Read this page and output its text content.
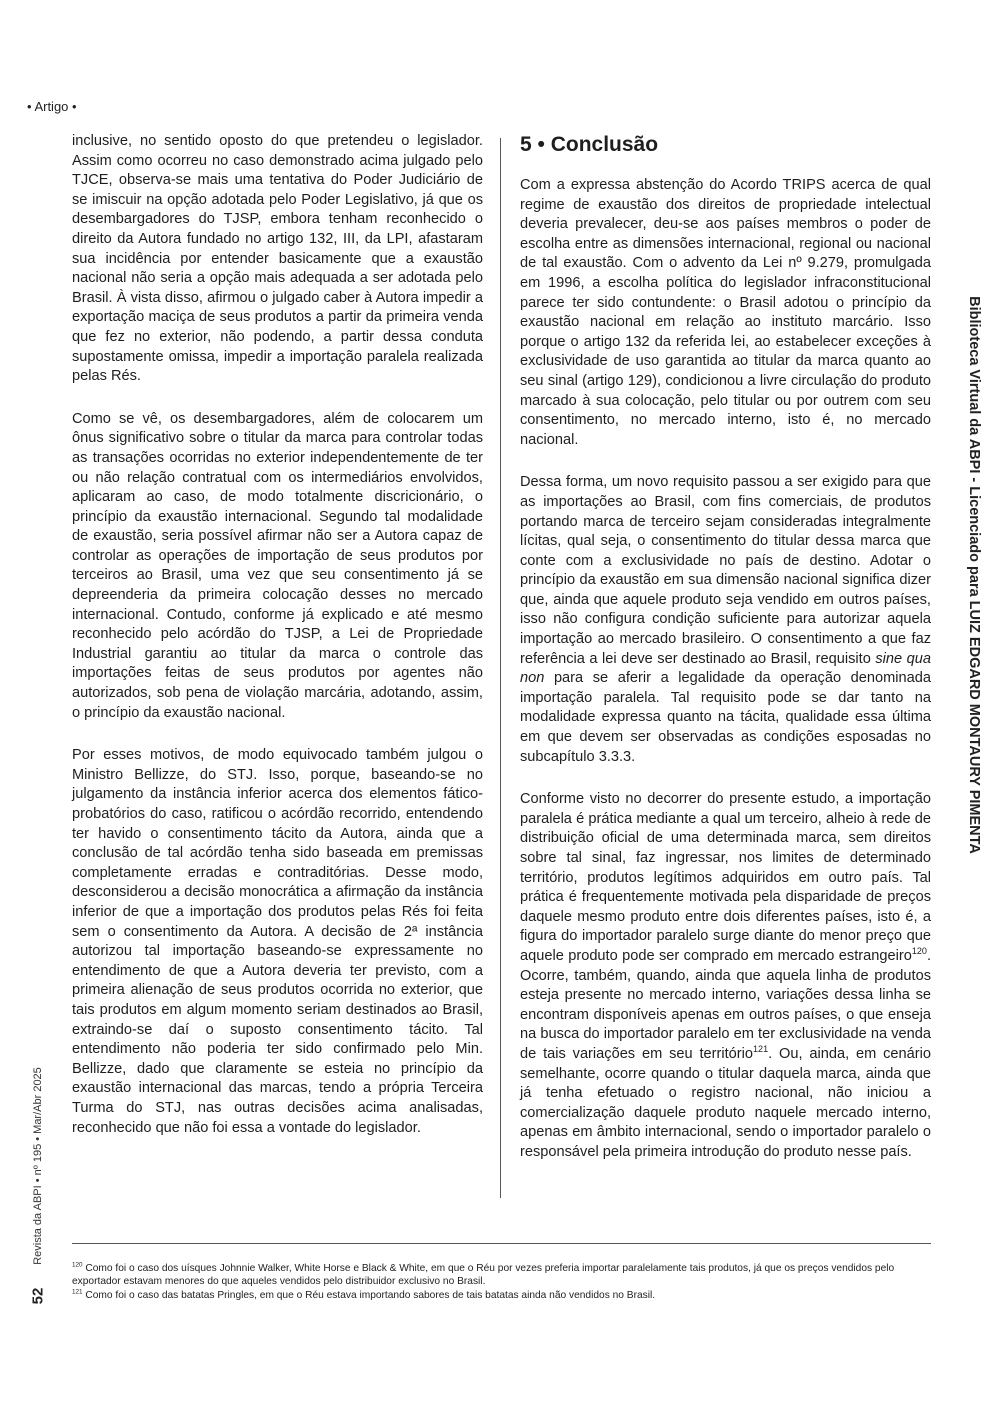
• Artigo •

inclusive, no sentido oposto do que pretendeu o legislador. Assim como ocorreu no caso demonstrado acima julgado pelo TJCE, observa-se mais uma tentativa do Poder Judiciário de se imiscuir na opção adotada pelo Poder Legislativo, já que os desembargadores do TJSP, embora tenham reconhecido o direito da Autora fundado no artigo 132, III, da LPI, afastaram sua incidência por entender basicamente que a exaustão nacional não seria a opção mais adequada a ser adotada pelo Brasil. À vista disso, afirmou o julgado caber à Autora impedir a exportação maciça de seus produtos a partir da primeira venda que fez no exterior, não podendo, a partir dessa conduta supostamente omissa, impedir a importação paralela realizada pelas Rés.

Como se vê, os desembargadores, além de colocarem um ônus significativo sobre o titular da marca para controlar todas as transações ocorridas no exterior independentemente de ter ou não relação contratual com os intermediários envolvidos, aplicaram ao caso, de modo totalmente discricionário, o princípio da exaustão internacional. Segundo tal modalidade de exaustão, seria possível afirmar não ser a Autora capaz de controlar as operações de importação de seus produtos por terceiros ao Brasil, uma vez que seu consentimento já se depreenderia da primeira colocação desses no mercado internacional. Contudo, conforme já explicado e até mesmo reconhecido pelo acórdão do TJSP, a Lei de Propriedade Industrial garantiu ao titular da marca o controle das importações feitas de seus produtos por agentes não autorizados, sob pena de violação marcária, adotando, assim, o princípio da exaustão nacional.

Por esses motivos, de modo equivocado também julgou o Ministro Bellizze, do STJ. Isso, porque, baseando-se no julgamento da instância inferior acerca dos elementos fático-probatórios do caso, ratificou o acórdão recorrido, entendendo ter havido o consentimento tácito da Autora, ainda que a conclusão de tal acórdão tenha sido baseada em premissas completamente erradas e contraditórias. Desse modo, desconsiderou a decisão monocrática a afirmação da instância inferior de que a importação dos produtos pelas Rés foi feita sem o consentimento da Autora. A decisão de 2ª instância autorizou tal importação baseando-se expressamente no entendimento de que a Autora deveria ter previsto, com a primeira alienação de seus produtos ocorrida no exterior, que tais produtos em algum momento seriam destinados ao Brasil, extraindo-se daí o suposto consentimento tácito. Tal entendimento não poderia ter sido confirmado pelo Min. Bellizze, dado que claramente se esteia no princípio da exaustão internacional das marcas, tendo a própria Terceira Turma do STJ, nas outras decisões acima analisadas, reconhecido que não foi essa a vontade do legislador.

5 • Conclusão

Com a expressa abstenção do Acordo TRIPS acerca de qual regime de exaustão dos direitos de propriedade intelectual deveria prevalecer, deu-se aos países membros o poder de escolha entre as dimensões internacional, regional ou nacional de tal exaustão. Com o advento da Lei nº 9.279, promulgada em 1996, a escolha política do legislador infraconstitucional parece ter sido contundente: o Brasil adotou o princípio da exaustão nacional em relação ao instituto marcário. Isso porque o artigo 132 da referida lei, ao estabelecer exceções à exclusividade de uso garantida ao titular da marca quanto ao seu sinal (artigo 129), condicionou a livre circulação do produto marcado à sua colocação, pelo titular ou por outrem com seu consentimento, no mercado interno, isto é, no mercado nacional.

Dessa forma, um novo requisito passou a ser exigido para que as importações ao Brasil, com fins comerciais, de produtos portando marca de terceiro sejam consideradas integralmente lícitas, qual seja, o consentimento do titular dessa marca que conte com a exclusividade no país de destino. Adotar o princípio da exaustão em sua dimensão nacional significa dizer que, ainda que aquele produto seja vendido em outros países, isso não configura condição suficiente para autorizar aquela importação ao mercado brasileiro. O consentimento a que faz referência a lei deve ser destinado ao Brasil, requisito sine qua non para se aferir a legalidade da operação denominada importação paralela. Tal requisito pode se dar tanto na modalidade expressa quanto na tácita, qualidade essa última em que devem ser observadas as condições esposadas no subcapítulo 3.3.3.

Conforme visto no decorrer do presente estudo, a importação paralela é prática mediante a qual um terceiro, alheio à rede de distribuição oficial de uma determinada marca, sem direitos sobre tal sinal, faz ingressar, nos limites de determinado território, produtos legítimos adquiridos em outro país. Tal prática é frequentemente motivada pela disparidade de preços daquele mesmo produto entre dois diferentes países, isto é, a figura do importador paralelo surge diante do menor preço que aquele produto pode ser comprado em mercado estrangeiro$^{120}$. Ocorre, também, quando, ainda que aquela linha de produtos esteja presente no mercado interno, variações dessa linha se encontram disponíveis apenas em outros países, o que enseja na busca do importador paralelo em ter exclusividade na venda de tais variações em seu território$^{121}$. Ou, ainda, em cenário semelhante, ocorre quando o titular daquela marca, ainda que já tenha efetuado o registro nacional, não iniciou a comercialização daquele produto naquele mercado interno, apenas em âmbito internacional, sendo o importador paralelo o responsável pela primeira introdução do produto nesse país.

Biblioteca Virtual da ABPI - Licenciado para LUIZ EDGARD MONTAURY PIMENTA
Revista da ABPI • nº 195 • Mar/Abr 2025
52

$^{120}$ Como foi o caso dos uísques Johnnie Walker, White Horse e Black & White, em que o Réu por vezes preferia importar paralelamente tais produtos, já que os preços vendidos pelo exportador estavam menores do que aqueles vendidos pelo distribuidor exclusivo no Brasil.

$^{121}$ Como foi o caso das batatas Pringles, em que o Réu estava importando sabores de tais batatas ainda não vendidos no Brasil.
